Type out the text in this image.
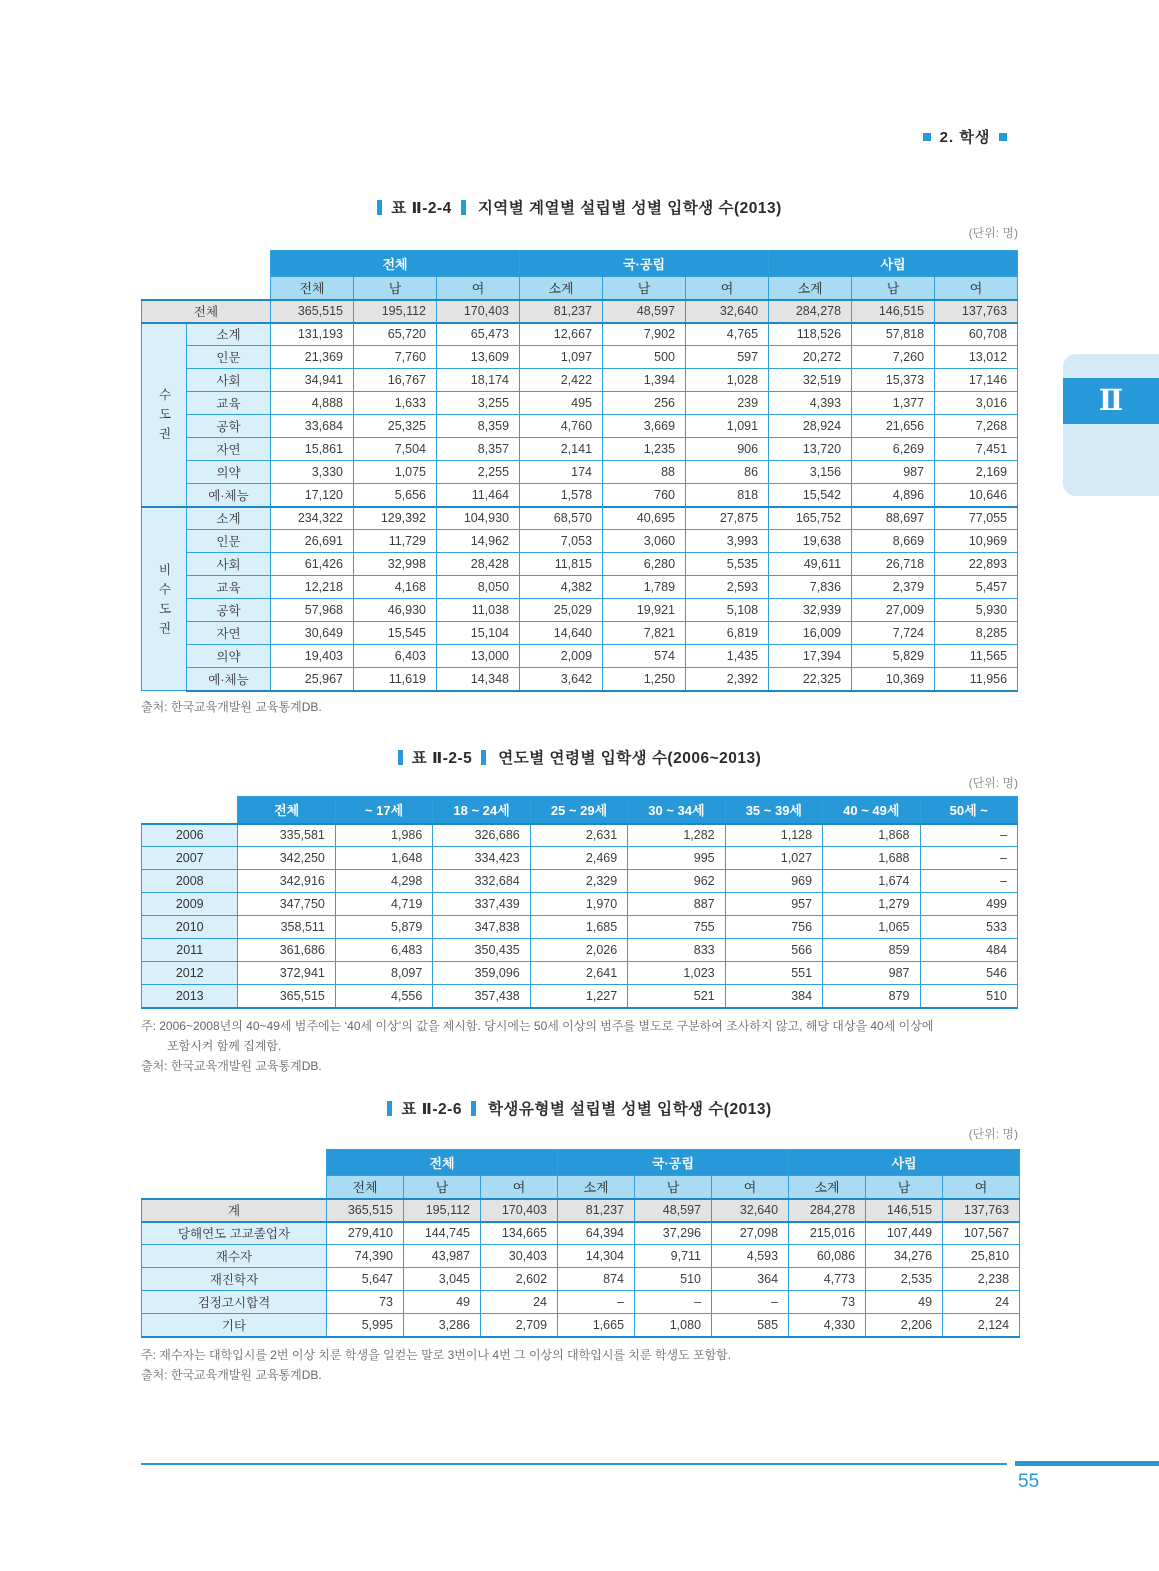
2. 학생
Ⅱ
표 Ⅱ-2-4 지역별 계열별 설립별 성별 입학생 수(2013)
(단위: 명)
		전체			국·공립			사립		
		전체	남	여	소계	남	여	소계	남	여
전체		365,515	195,112	170,403	81,237	48,597	32,640	284,278	146,515	137,763
수도권	소계	131,193	65,720	65,473	12,667	7,902	4,765	118,526	57,818	60,708
	인문	21,369	7,760	13,609	1,097	500	597	20,272	7,260	13,012
	사회	34,941	16,767	18,174	2,422	1,394	1,028	32,519	15,373	17,146
	교육	4,888	1,633	3,255	495	256	239	4,393	1,377	3,016
	공학	33,684	25,325	8,359	4,760	3,669	1,091	28,924	21,656	7,268
	자연	15,861	7,504	8,357	2,141	1,235	906	13,720	6,269	7,451
	의약	3,330	1,075	2,255	174	88	86	3,156	987	2,169
	예·체능	17,120	5,656	11,464	1,578	760	818	15,542	4,896	10,646
비수도권	소계	234,322	129,392	104,930	68,570	40,695	27,875	165,752	88,697	77,055
	인문	26,691	11,729	14,962	7,053	3,060	3,993	19,638	8,669	10,969
	사회	61,426	32,998	28,428	11,815	6,280	5,535	49,611	26,718	22,893
	교육	12,218	4,168	8,050	4,382	1,789	2,593	7,836	2,379	5,457
	공학	57,968	46,930	11,038	25,029	19,921	5,108	32,939	27,009	5,930
	자연	30,649	15,545	15,104	14,640	7,821	6,819	16,009	7,724	8,285
	의약	19,403	6,403	13,000	2,009	574	1,435	17,394	5,829	11,565
	예·체능	25,967	11,619	14,348	3,642	1,250	2,392	22,325	10,369	11,956
출처: 한국교육개발원 교육통계DB.
표 Ⅱ-2-5 연도별 연령별 입학생 수(2006~2013)
(단위: 명)
	전체	~ 17세	18 ~ 24세	25 ~ 29세	30 ~ 34세	35 ~ 39세	40 ~ 49세	50세 ~
2006	335,581	1,986	326,686	2,631	1,282	1,128	1,868	–
2007	342,250	1,648	334,423	2,469	995	1,027	1,688	–
2008	342,916	4,298	332,684	2,329	962	969	1,674	–
2009	347,750	4,719	337,439	1,970	887	957	1,279	499
2010	358,511	5,879	347,838	1,685	755	756	1,065	533
2011	361,686	6,483	350,435	2,026	833	566	859	484
2012	372,941	8,097	359,096	2,641	1,023	551	987	546
2013	365,515	4,556	357,438	1,227	521	384	879	510
주: 2006~2008년의 40~49세 범주에는 ‘40세 이상’의 값을 제시함. 당시에는 50세 이상의 범주를 별도로 구분하여 조사하지 않고, 해당 대상을 40세 이상에
포함시켜 함께 집계함.
출처: 한국교육개발원 교육통계DB.
표 Ⅱ-2-6 학생유형별 설립별 성별 입학생 수(2013)
(단위: 명)
	전체			국·공립			사립		
	전체	남	여	소계	남	여	소계	남	여
계	365,515	195,112	170,403	81,237	48,597	32,640	284,278	146,515	137,763
당해연도 고교졸업자	279,410	144,745	134,665	64,394	37,296	27,098	215,016	107,449	107,567
재수자	74,390	43,987	30,403	14,304	9,711	4,593	60,086	34,276	25,810
재진학자	5,647	3,045	2,602	874	510	364	4,773	2,535	2,238
검정고시합격	73	49	24	–	–	–	73	49	24
기타	5,995	3,286	2,709	1,665	1,080	585	4,330	2,206	2,124
주: 재수자는 대학입시를 2번 이상 치룬 학생을 일컫는 말로 3번이나 4번 그 이상의 대학입시를 치룬 학생도 포함함.
출처: 한국교육개발원 교육통계DB.
55
